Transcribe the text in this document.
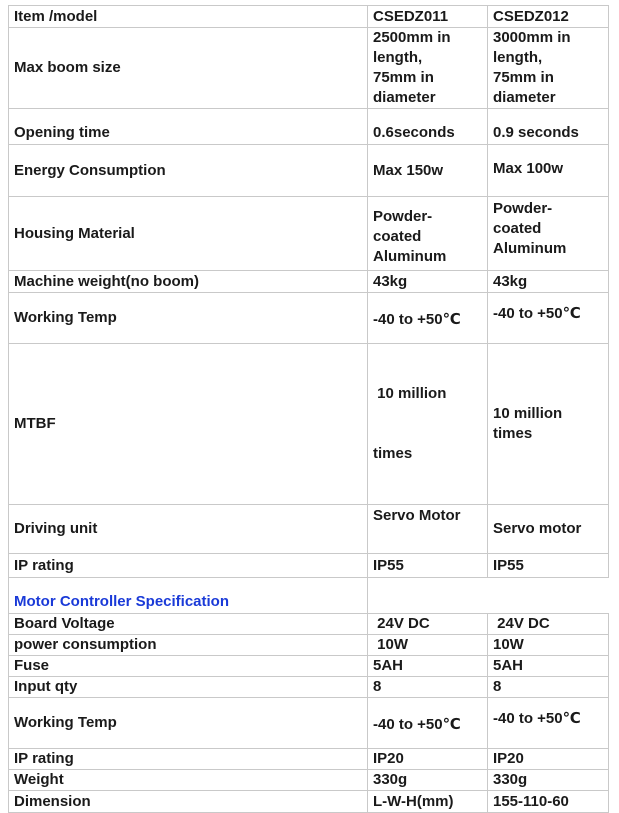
Item /model	CSEDZ011	CSEDZ012
Max boom size	2500mm in
length,
75mm in
diameter	3000mm in
length,
75mm in
diameter

Opening time	0.6seconds	0.9 seconds
Energy Consumption	Max 150w	Max 100w
Housing Material	Powder-
coated
Aluminum	Powder-
coated
Aluminum

Machine weight(no boom)	43kg	43kg
Working Temp	-40 to +50℃	-40 to +50℃
MTBF	10 million

times	10 million
times

Driving unit	Servo Motor	Servo motor
IP rating	IP55	IP55
Motor Controller Specification		
Board Voltage	24V DC	24V DC
power consumption	10W	10W
Fuse	5AH	5AH
Input qty	8	8
Working Temp	-40 to +50℃	-40 to +50℃
IP rating	IP20	IP20
Weight	330g	330g
Dimension	L-W-H(mm)	155-110-60
